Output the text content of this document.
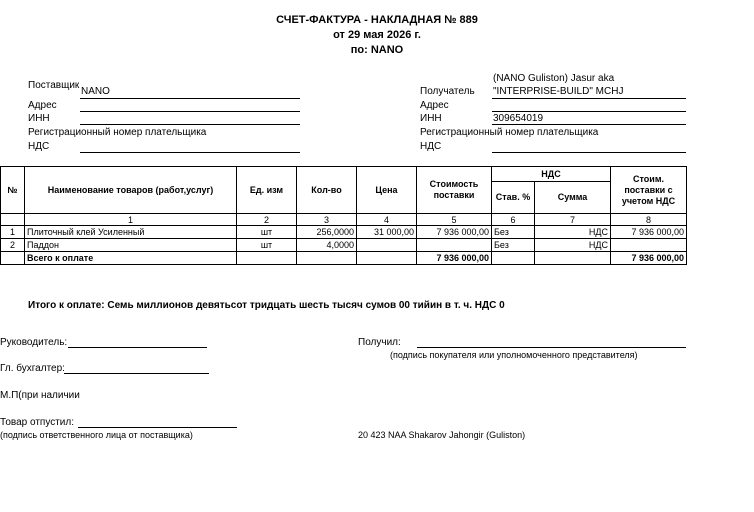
СЧЕТ-ФАКТУРА - НАКЛАДНАЯ № 889
от 29 мая 2026 г.
по: NANO
Поставщик
NANO
Адрес
ИНН
Регистрационный номер плательщика
НДС
(NANO Guliston) Jasur aka
Получатель "INTERPRISE-BUILD" MCHJ
Адрес
ИНН	309654019
Регистрационный номер плательщика
НДС
№	Наименование товаров (работ,услуг)	Ед. изм	Кол-во	Цена	Стоимость поставки	НДС		Стоим. поставки с учетом НДС
						Став. %	Сумма	
	1	2	3	4	5	6	7	8
1	Плиточный клей Усиленный	шт	256,0000	31 000,00	7 936 000,00	Без	НДС	7 936 000,00
2	Паддон	шт	4,0000			Без	НДС	
	Всего к оплате				7 936 000,00			7 936 000,00
Итого к оплате: Семь миллионов девятьсот тридцать шесть тысяч сумов 00 тийин в т. ч. НДС 0
Руководитель:
Гл. бухгалтер:
М.П(при наличии
Товар отпустил:
(подпись ответственного лица от поставщика)
Получил:
(подпись покупателя или уполномоченного представителя)
20 423 NAA Shakarov Jahongir (Guliston)
